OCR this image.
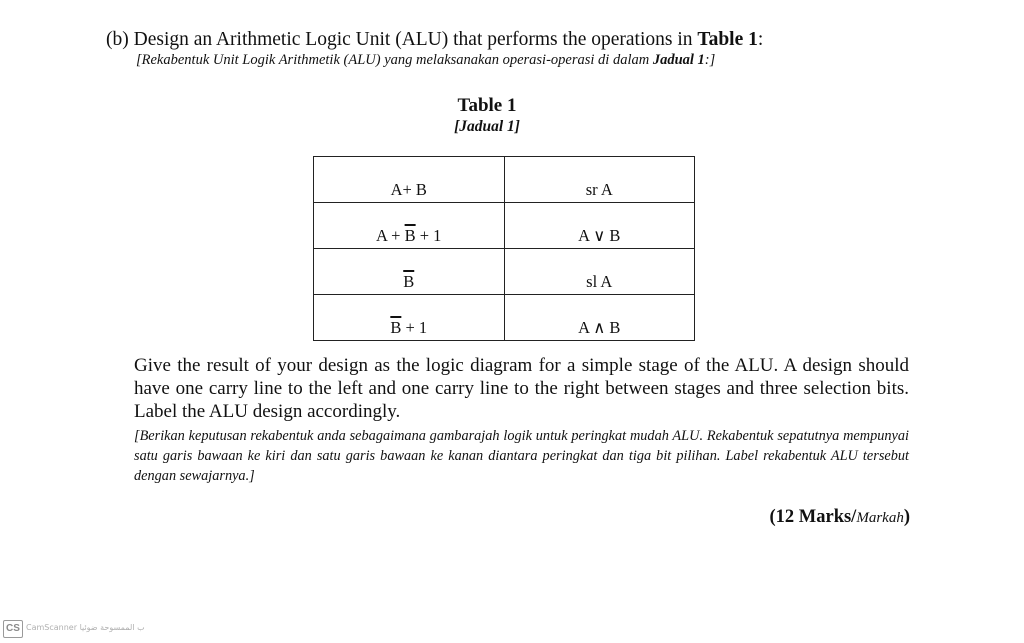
(b) Design an Arithmetic Logic Unit (ALU) that performs the operations in Table 1:
[Rekabentuk Unit Logik Arithmetik (ALU) yang melaksanakan operasi-operasi di dalam Jadual 1:]
Table 1
[Jadual 1]
A+ B	sr A
$A + \overline{B} + 1$	A ∨ B
$\overline{B}$	sl A
$\overline{B} + 1$	A ∧ B
Give the result of your design as the logic diagram for a simple stage of the ALU. A design should have one carry line to the left and one carry line to the right between stages and three selection bits. Label the ALU design accordingly.
[Berikan keputusan rekabentuk anda sebagaimana gambarajah logik untuk peringkat mudah ALU. Rekabentuk sepatutnya mempunyai satu garis bawaan ke kiri dan satu garis bawaan ke kanan diantara peringkat dan tiga bit pilihan. Label rekabentuk ALU tersebut dengan sewajarnya.]
(12 Marks/Markah)
CS CamScanner ب الممسوحة ضوئيا
